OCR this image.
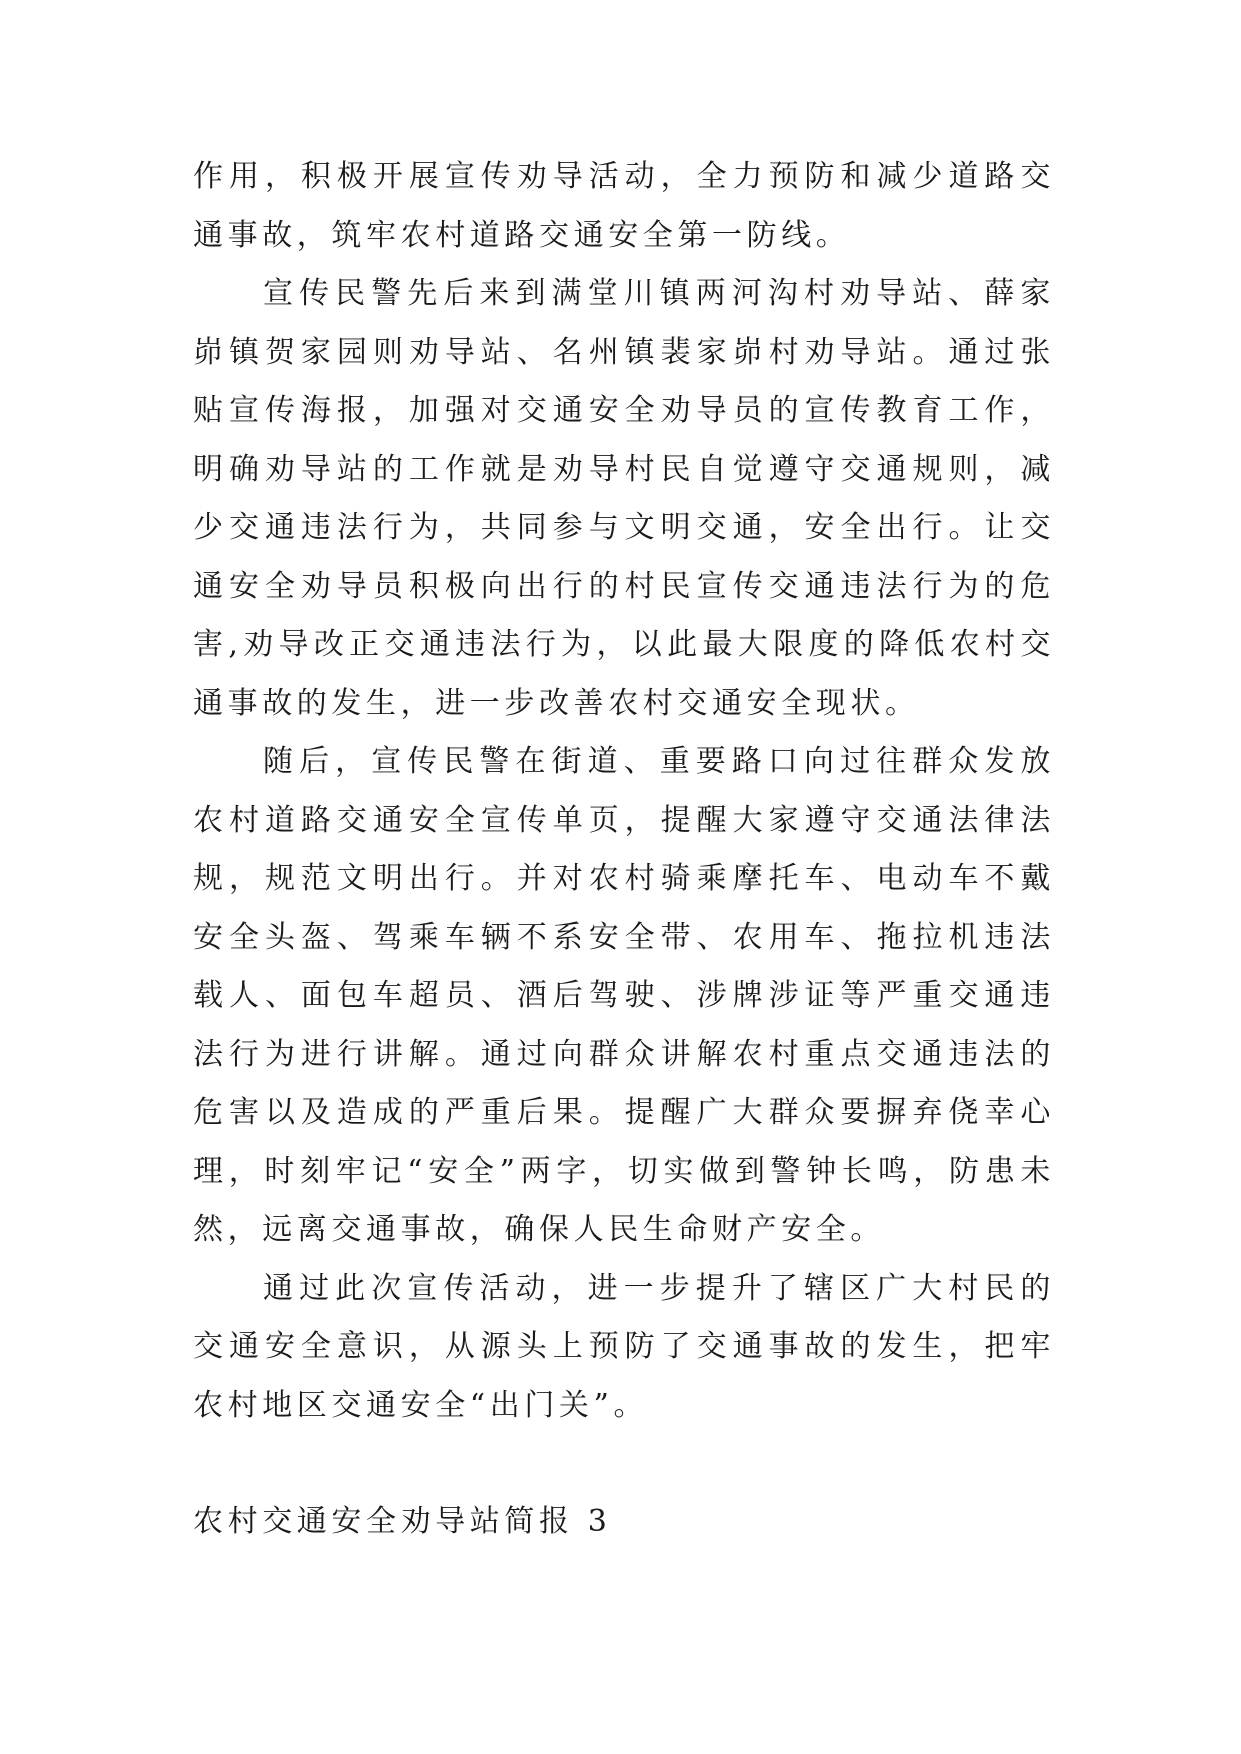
作用，积极开展宣传劝导活动，全力预防和减少道路交通事故，筑牢农村道路交通安全第一防线。

宣传民警先后来到满堂川镇两河沟村劝导站、薛家峁镇贺家园则劝导站、名州镇裴家峁村劝导站。通过张贴宣传海报，加强对交通安全劝导员的宣传教育工作，明确劝导站的工作就是劝导村民自觉遵守交通规则，减少交通违法行为，共同参与文明交通，安全出行。让交通安全劝导员积极向出行的村民宣传交通违法行为的危害,劝导改正交通违法行为，以此最大限度的降低农村交通事故的发生，进一步改善农村交通安全现状。

随后，宣传民警在街道、重要路口向过往群众发放农村道路交通安全宣传单页，提醒大家遵守交通法律法规，规范文明出行。并对农村骑乘摩托车、电动车不戴安全头盔、驾乘车辆不系安全带、农用车、拖拉机违法载人、面包车超员、酒后驾驶、涉牌涉证等严重交通违法行为进行讲解。通过向群众讲解农村重点交通违法的危害以及造成的严重后果。提醒广大群众要摒弃侥幸心理，时刻牢记“安全”两字，切实做到警钟长鸣，防患未然，远离交通事故，确保人民生命财产安全。

通过此次宣传活动，进一步提升了辖区广大村民的交通安全意识，从源头上预防了交通事故的发生，把牢农村地区交通安全“出门关”。

农村交通安全劝导站简报 3
